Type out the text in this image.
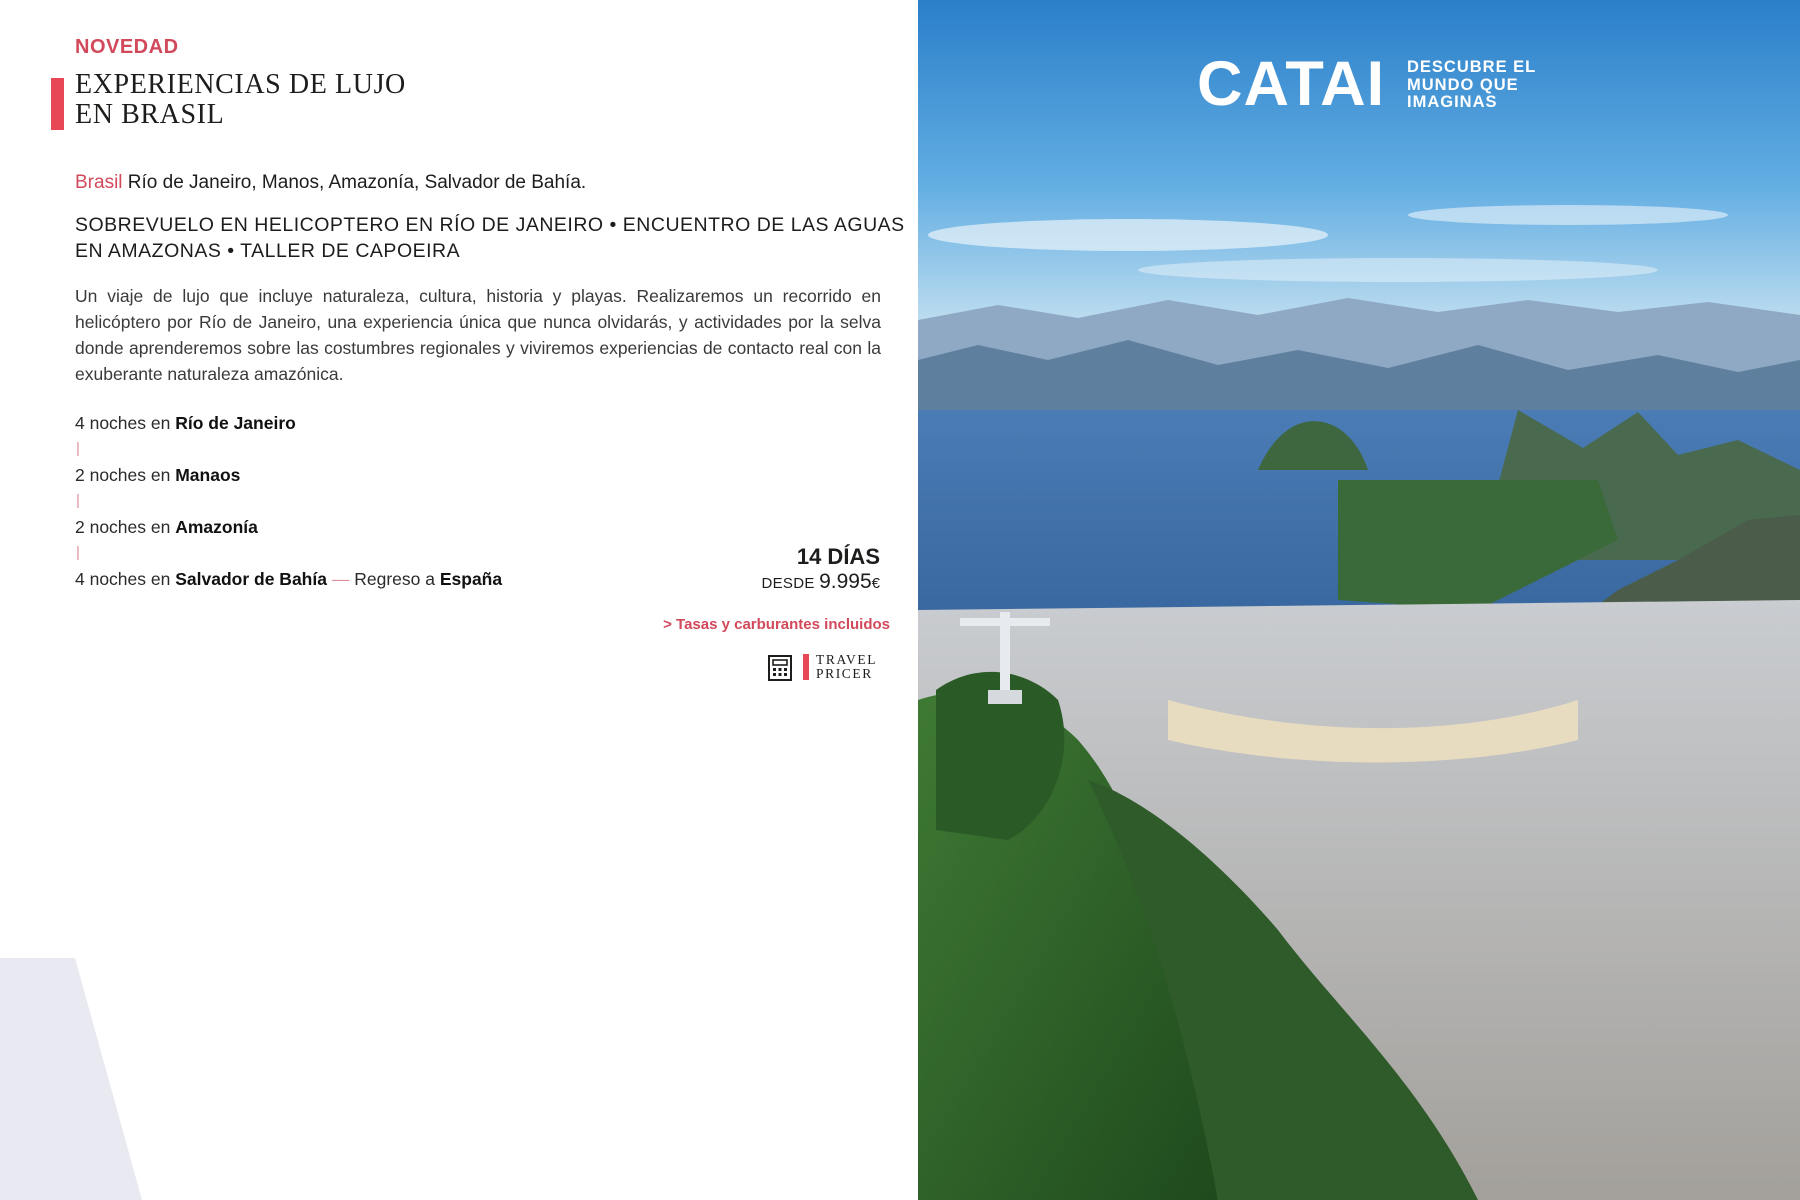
NOVEDAD
EXPERIENCIAS DE LUJO
EN BRASIL
Brasil Río de Janeiro, Manos, Amazonía, Salvador de Bahía.
SOBREVUELO EN HELICOPTERO EN RÍO DE JANEIRO • ENCUENTRO DE LAS AGUAS
EN AMAZONAS • TALLER DE CAPOEIRA
Un viaje de lujo que incluye naturaleza, cultura, historia y playas. Realizaremos un recorrido en helicóptero por Río de Janeiro, una experiencia única que nunca olvidarás, y actividades por la selva donde aprenderemos sobre las costumbres regionales y viviremos experiencias de contacto real con la exuberante naturaleza amazónica.
4 noches en Río de Janeiro
|
2 noches en Manaos
|
2 noches en Amazonía
|
4 noches en Salvador de Bahía — Regreso a España
14 DÍAS
DESDE 9.995€
> Tasas y carburantes incluidos
TRAVEL
PRICER
CATAI DESCUBRE EL
MUNDO QUE
IMAGINAS
